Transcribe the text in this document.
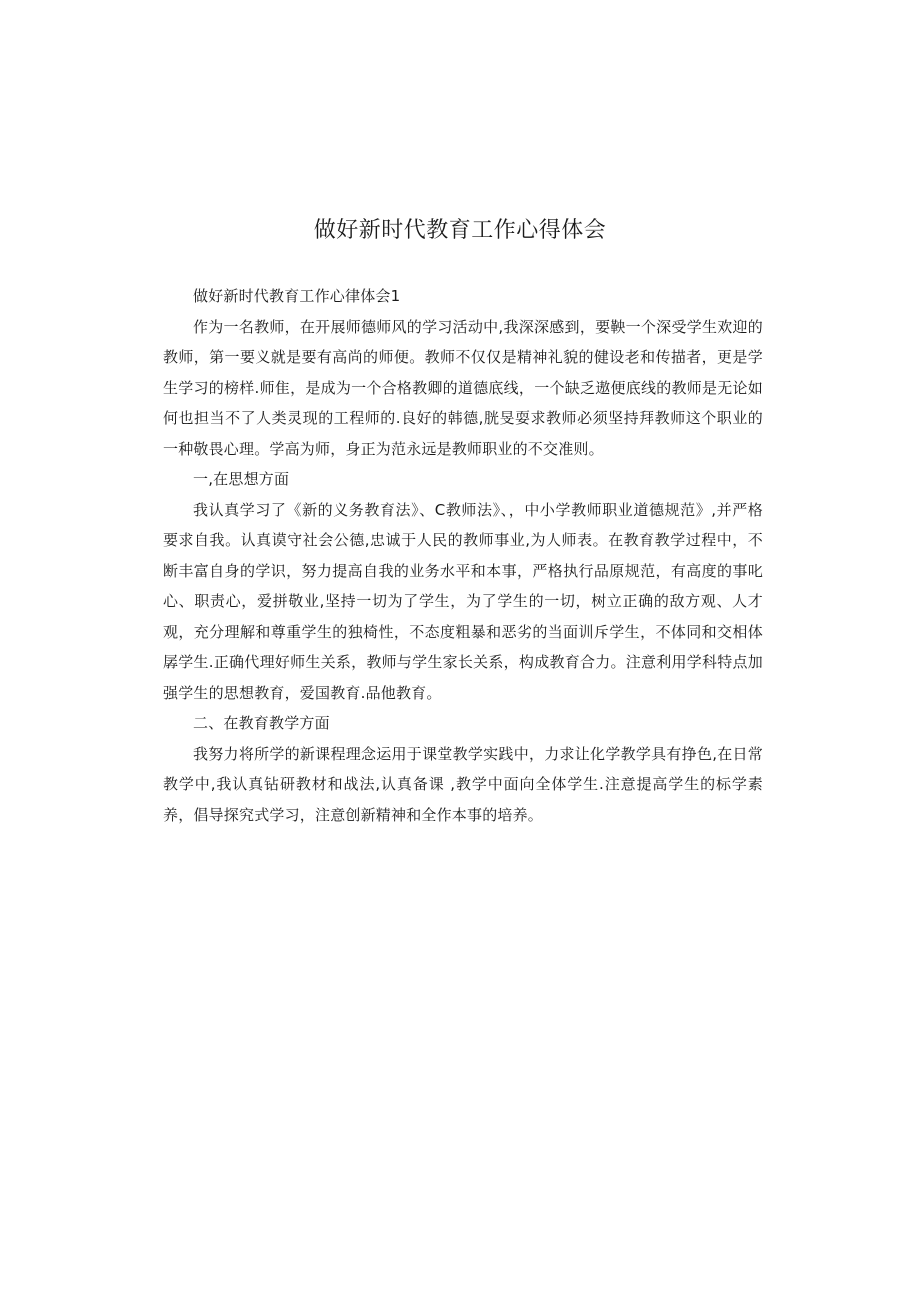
做好新时代教育工作心得体会

做好新时代教育工作心律体会1

作为一名教师，在开展师德师风的学习活动中,我深深感到，要鞅一个深受学生欢迎的教师，第一要义就是要有高尚的师便。教师不仅仅是精神礼貌的健设老和传描者，更是学生学习的榜样.师隹，是成为一个合格教卿的道德底线，一个缺乏遨便底线的教师是无论如何也担当不了人类灵现的工程师的.良好的韩德,胱旻耍求教师必须坚持拜教师这个职业的一种敬畏心理。学高为师，身正为范永远是教师职业的不交准则。

一,在思想方面

我认真学习了《新的义务教育法》、C教师法》、，中小学教师职业道德规范》,并严格要求自我。认真谟守社会公德,忠诚于人民的教师事业,为人师表。在教育教学过程中，不断丰富自身的学识，努力提高自我的业务水平和本事，严格执行品原规范，有高度的事叱心、职责心，爱拼敬业,坚持一切为了学生，为了学生的一切，树立正确的敌方观、人才观，充分理解和尊重学生的独椅性，不态度粗暴和恶劣的当面训斥学生，不体同和交相体孱学生.正确代理好师生关系，教师与学生家长关系，构成教育合力。注意利用学科特点加强学生的思想教育，爱国教育.品他教育。

二、在教育教学方面

我努力将所学的新课程理念运用于课堂教学实践中，力求让化学教学具有挣色,在日常教学中,我认真钻研教材和战法,认真备课 ,教学中面向全体学生.注意提高学生的标学素养，倡导探究式学习，注意创新精神和全作本事的培养。
